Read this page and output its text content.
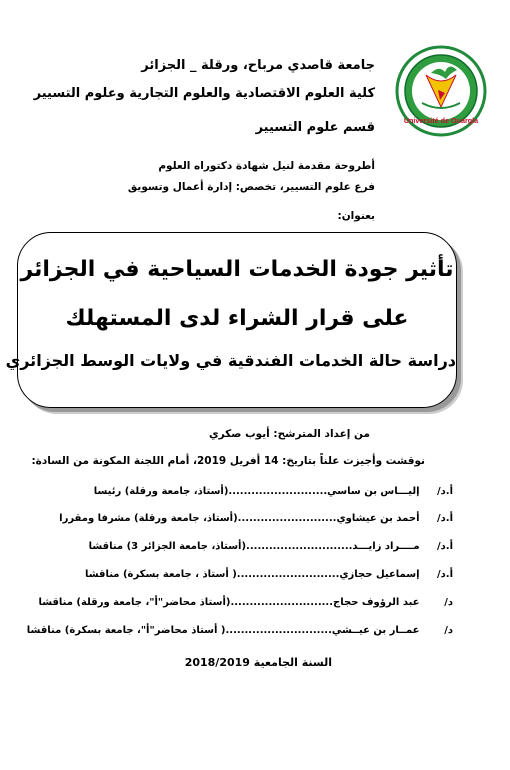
Université de Ouargla
جامعة قاصدي مرباح، ورقلة _ الجزائر
كلية العلوم الاقتصادية والعلوم التجارية وعلوم التسيير
قسم علوم التسيير
أطروحة مقدمة لنيل شهادة دكتوراه العلوم
فرع علوم التسيير، تخصص: إدارة أعمال وتسويق
بعنوان:
تأثير جودة الخدمات السياحية في الجزائر
على قرار الشراء لدى المستهلك
دراسة حالة الخدمات الفندقية في ولايات الوسط الجزائري
من إعداد المترشح: أيوب صكري
نوقشت وأجيزت علناً بتاريخ: 14 أفريل 2019، أمام اللجنة المكونة من السادة:
أ.د/ إليـــاس بن ساسي..........................(أستاذ، جامعة ورقلة) رئيسا
أ.د/ أحمد بن عيشاوي..........................(أستاذ، جامعة ورقلة) مشرفا ومقررا
أ.د/ مــــراد زايـــد............................(أستاذ، جامعة الجزائر 3) مناقشا
أ.د/ إسماعيل حجازي...........................( أستاذ ، جامعة بسكرة) مناقشا
د/ عبد الرؤوف حجاج...........................(أستاذ محاضر"أ"، جامعة ورقلة) مناقشا
د/ عمــار بن عيــشي............................( أستاذ محاضر"أ"، جامعة بسكرة) مناقشا
السنة الجامعية 2018/2019
